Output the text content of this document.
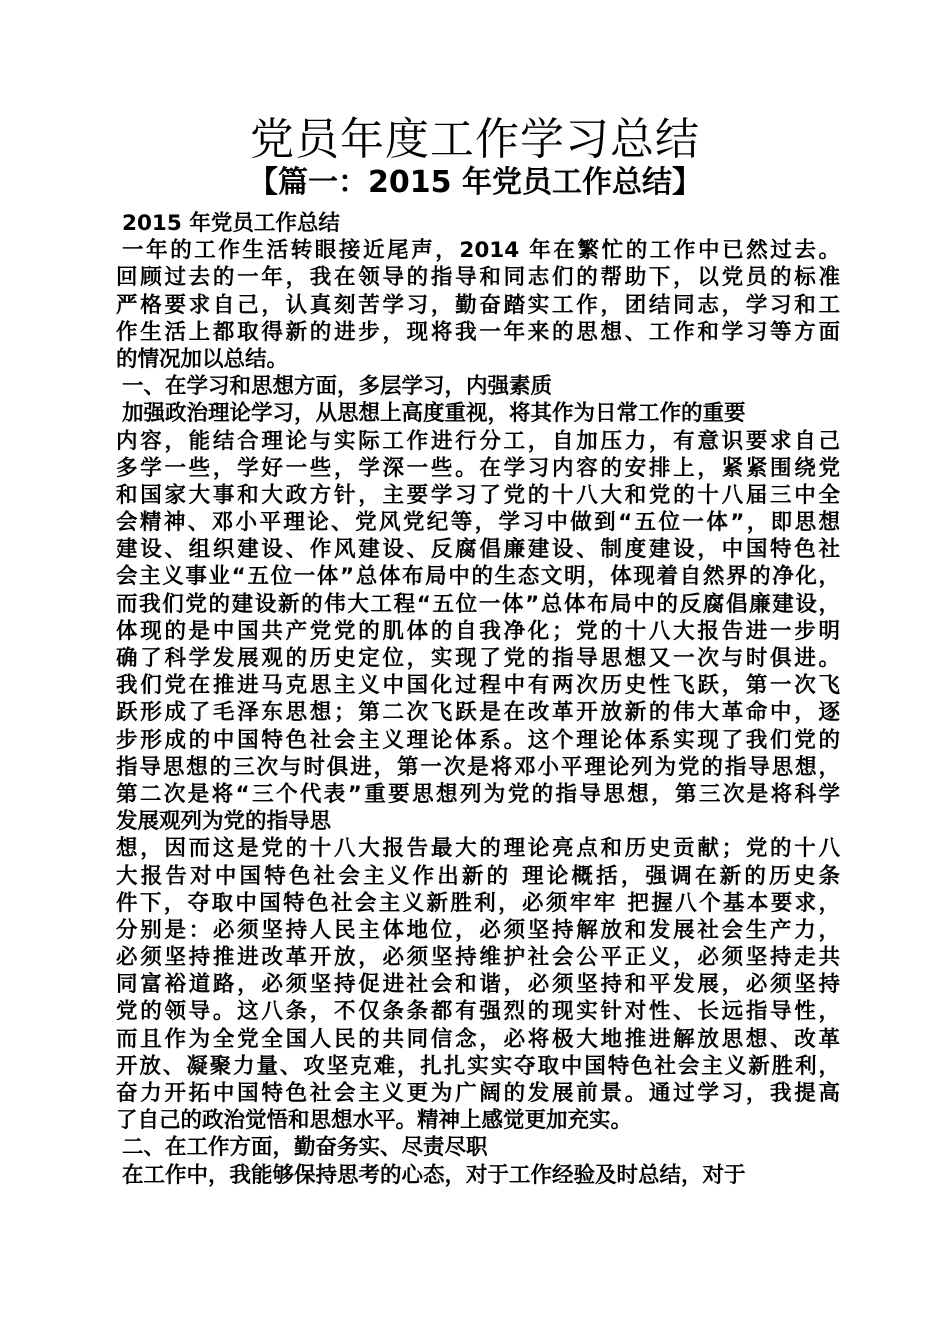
党员年度工作学习总结
【篇一：2015 年党员工作总结】
2015 年党员工作总结
一年的工作生活转眼接近尾声，2014 年在繁忙的工作中已然过去。
回顾过去的一年，我在领导的指导和同志们的帮助下，以党员的标准
严格要求自己，认真刻苦学习，勤奋踏实工作，团结同志，学习和工
作生活上都取得新的进步，现将我一年来的思想、工作和学习等方面
的情况加以总结。
一、在学习和思想方面，多层学习，内强素质
加强政治理论学习，从思想上高度重视，将其作为日常工作的重要
内容，能结合理论与实际工作进行分工，自加压力，有意识要求自己
多学一些，学好一些，学深一些。在学习内容的安排上，紧紧围绕党
和国家大事和大政方针，主要学习了党的十八大和党的十八届三中全
会精神、邓小平理论、党风党纪等，学习中做到“五位一体”，即思想
建设、组织建设、作风建设、反腐倡廉建设、制度建设，中国特色社
会主义事业“五位一体”总体布局中的生态文明，体现着自然界的净化，
而我们党的建设新的伟大工程“五位一体”总体布局中的反腐倡廉建设，
体现的是中国共产党党的肌体的自我净化；党的十八大报告进一步明
确了科学发展观的历史定位，实现了党的指导思想又一次与时俱进。
我们党在推进马克思主义中国化过程中有两次历史性飞跃，第一次飞
跃形成了毛泽东思想；第二次飞跃是在改革开放新的伟大革命中，逐
步形成的中国特色社会主义理论体系。这个理论体系实现了我们党的
指导思想的三次与时俱进，第一次是将邓小平理论列为党的指导思想，
第二次是将“三个代表”重要思想列为党的指导思想，第三次是将科学
发展观列为党的指导思
想，因而这是党的十八大报告最大的理论亮点和历史贡献；党的十八
大报告对中国特色社会主义作出新的 理论概括，强调在新的历史条
件下，夺取中国特色社会主义新胜利，必须牢牢 把握八个基本要求，
分别是：必须坚持人民主体地位，必须坚持解放和发展社会生产力，
必须坚持推进改革开放，必须坚持维护社会公平正义，必须坚持走共
同富裕道路，必须坚持促进社会和谐，必须坚持和平发展，必须坚持
党的领导。这八条，不仅条条都有强烈的现实针对性、长远指导性，
而且作为全党全国人民的共同信念，必将极大地推进解放思想、改革
开放、凝聚力量、攻坚克难，扎扎实实夺取中国特色社会主义新胜利，
奋力开拓中国特色社会主义更为广阔的发展前景。通过学习，我提高
了自己的政治觉悟和思想水平。精神上感觉更加充实。
二、在工作方面，勤奋务实、尽责尽职
在工作中，我能够保持思考的心态，对于工作经验及时总结，对于
